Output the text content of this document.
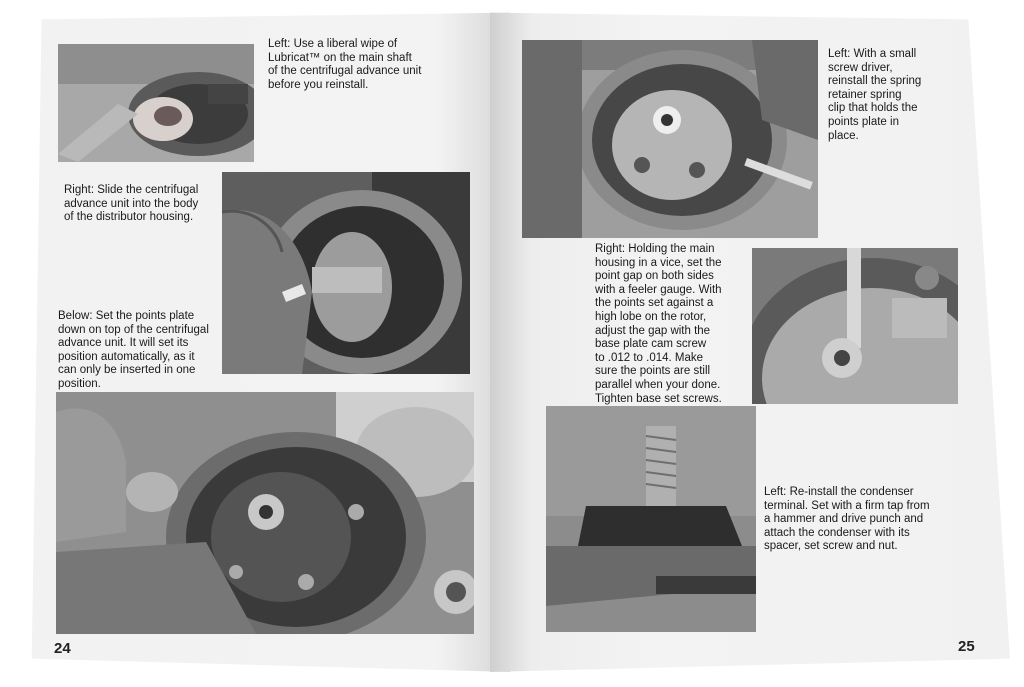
Left: Use a liberal wipe of
Lubricat™ on the main shaft
of the centrifugal advance unit
before you reinstall.
Right: Slide the centrifugal
advance unit into the body
of the distributor housing.
Below: Set the points plate
down on top of the centrifugal
advance unit. It will set its
position automatically, as it
can only be inserted in one
position.
24
Left: With a small
screw driver,
reinstall the spring
retainer spring
clip that holds the
points plate in
place.
Right: Holding the main
housing in a vice, set the
point gap on both sides
with a feeler gauge. With
the points set against a
high lobe on the rotor,
adjust the gap with the
base plate cam screw
to .012 to .014. Make
sure the points are still
parallel when your done.
Tighten base set screws.
Left: Re-install the condenser
terminal. Set with a firm tap from
a hammer and drive punch and
attach the condenser with its
spacer, set screw and nut.
25
